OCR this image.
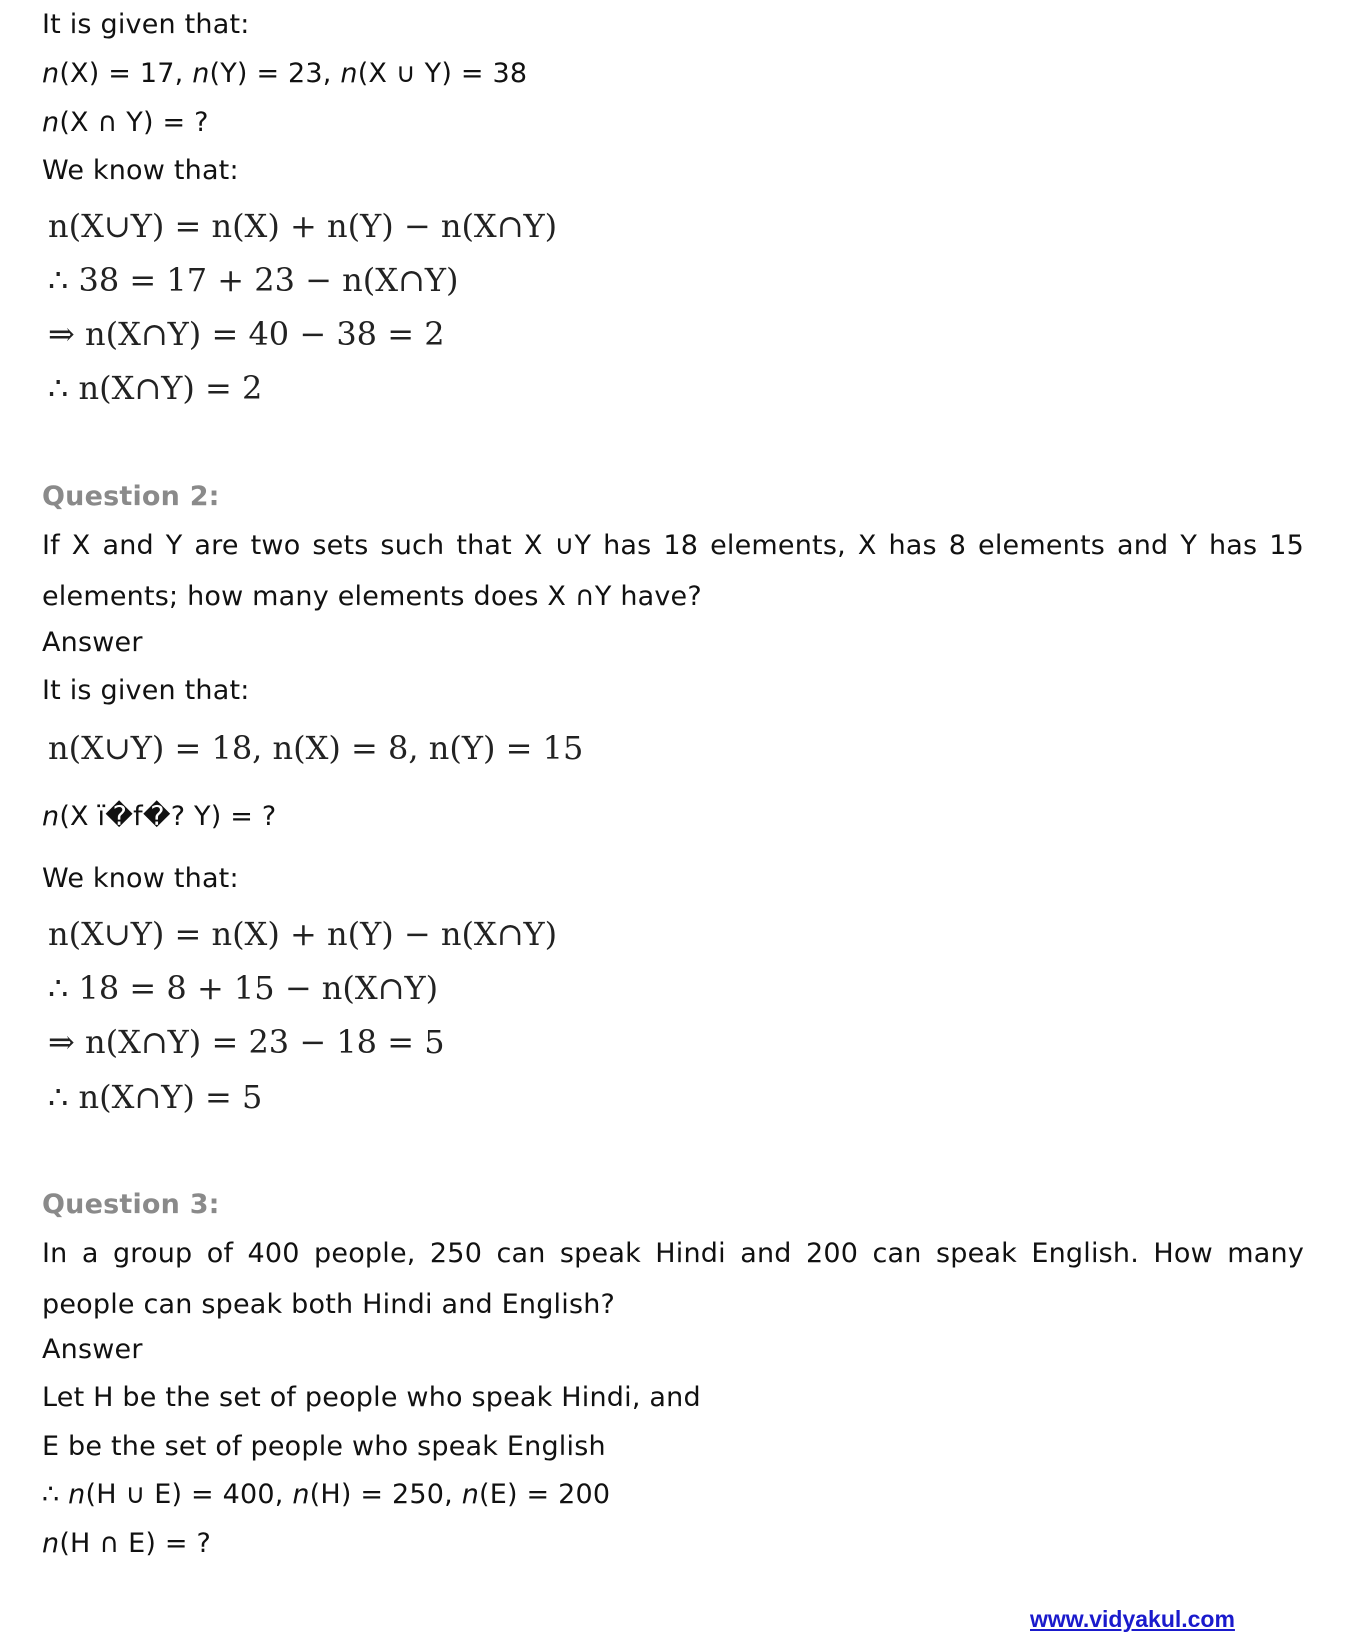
It is given that:

n(X) = 17, n(Y) = 23, n(X ∪ Y) = 38

n(X ∩ Y) = ?

We know that:

n(X∪Y) = n(X) + n(Y) − n(X∩Y)

∴ 38 = 17 + 23 − n(X∩Y)

⇒ n(X∩Y) = 40 − 38 = 2

∴ n(X∩Y) = 2

Question 2:

If X and Y are two sets such that X ∪Y has 18 elements, X has 8 elements and Y has 15 elements; how many elements does X ∩Y have?

Answer

It is given that:

n(X∪Y) = 18, n(X) = 8, n(Y) = 15

n(X ï�f�? Y) = ?

We know that:

n(X∪Y) = n(X) + n(Y) − n(X∩Y)

∴ 18 = 8 + 15 − n(X∩Y)

⇒ n(X∩Y) = 23 − 18 = 5

∴ n(X∩Y) = 5

Question 3:

In a group of 400 people, 250 can speak Hindi and 200 can speak English. How many people can speak both Hindi and English?

Answer

Let H be the set of people who speak Hindi, and

E be the set of people who speak English

∴ n(H ∪ E) = 400, n(H) = 250, n(E) = 200

n(H ∩ E) = ?

www.vidyakul.com
